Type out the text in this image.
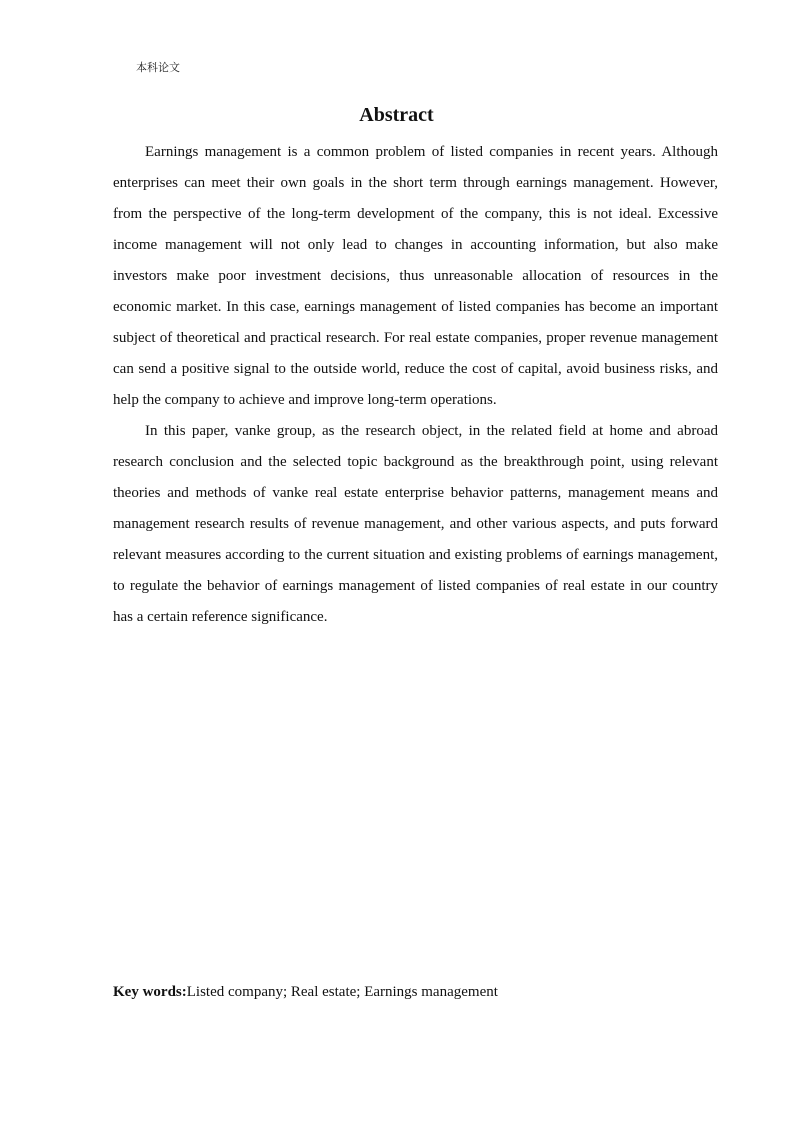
本科论文
Abstract

Earnings management is a common problem of listed companies in recent years. Although enterprises can meet their own goals in the short term through earnings management. However, from the perspective of the long-term development of the company, this is not ideal. Excessive income management will not only lead to changes in accounting information, but also make investors make poor investment decisions, thus unreasonable allocation of resources in the economic market. In this case, earnings management of listed companies has become an important subject of theoretical and practical research. For real estate companies, proper revenue management can send a positive signal to the outside world, reduce the cost of capital, avoid business risks, and help the company to achieve and improve long-term operations.

In this paper, vanke group, as the research object, in the related field at home and abroad research conclusion and the selected topic background as the breakthrough point, using relevant theories and methods of vanke real estate enterprise behavior patterns, management means and management research results of revenue management, and other various aspects, and puts forward relevant measures according to the current situation and existing problems of earnings management, to regulate the behavior of earnings management of listed companies of real estate in our country has a certain reference significance.

Key words:Listed company; Real estate; Earnings management
